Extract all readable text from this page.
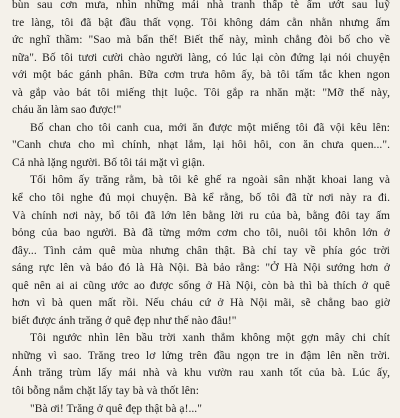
bùn sau cơn mưa, nhìn những mái nhà tranh thấp tè ẩm ướt sau luỹ
tre làng, tôi đã bật đầu thất vọng. Tôi không dám cằn nhằn nhưng ấm
ức nghĩ thầm: "Sao mà bẩn thế! Biết thế này, mình chẳng đòi bố cho về
nữa". Bố tôi tươi cười chào người làng, có lúc lại còn đứng lại nói chuyện
với một bác gánh phân. Bữa cơm trưa hôm ấy, bà tôi tấm tắc khen ngon
và gắp vào bát tôi miếng thịt luộc. Tôi gắp ra nhăn mặt: "Mỡ thế này,
cháu ăn làm sao được!"
Bố chan cho tôi canh cua, mới ăn được một miếng tôi đã vội kêu lên:
"Canh chưa cho mì chính, nhạt lắm, lại hôi hôi, con ăn chưa quen...".
Cả nhà lặng người. Bố tôi tái mặt vì giận.
Tối hôm ấy trăng rằm, bà tôi kê ghế ra ngoài sân nhặt khoai lang và
kể cho tôi nghe đủ mọi chuyện. Bà kể rằng, bố tôi đã từ nơi này ra đi.
Và chính nơi này, bố tôi đã lớn lên bằng lời ru của bà, bằng đôi tay ấm
bỏng của bao người. Bà đã từng mớm cơm cho tôi, nuôi tôi khôn lớn ở
đây... Tình cảm quê mùa nhưng chân thật. Bà chỉ tay về phía góc trời
sáng rực lên và bảo đó là Hà Nội. Bà bảo rằng: "Ở Hà Nội sướng hơn ở
quê nên ai ai cũng ước ao được sống ở Hà Nội, còn bà thì bà thích ở quê
hơn vì bà quen mất rồi. Nếu cháu cứ ở Hà Nội mãi, sẽ chẳng bao giờ
biết được ánh trăng ở quê đẹp như thế nào đâu!"
Tôi ngước nhìn lên bầu trời xanh thẳm không một gợn mây chi chít
những vì sao. Trăng treo lơ lửng trên đầu ngọn tre in đậm lên nền trời.
Ánh trăng trùm lấy mái nhà và khu vườn rau xanh tốt của bà. Lúc ấy,
tôi bỗng nắm chặt lấy tay bà và thốt lên:
"Bà ơi! Trăng ở quê đẹp thật bà ạ!..."
